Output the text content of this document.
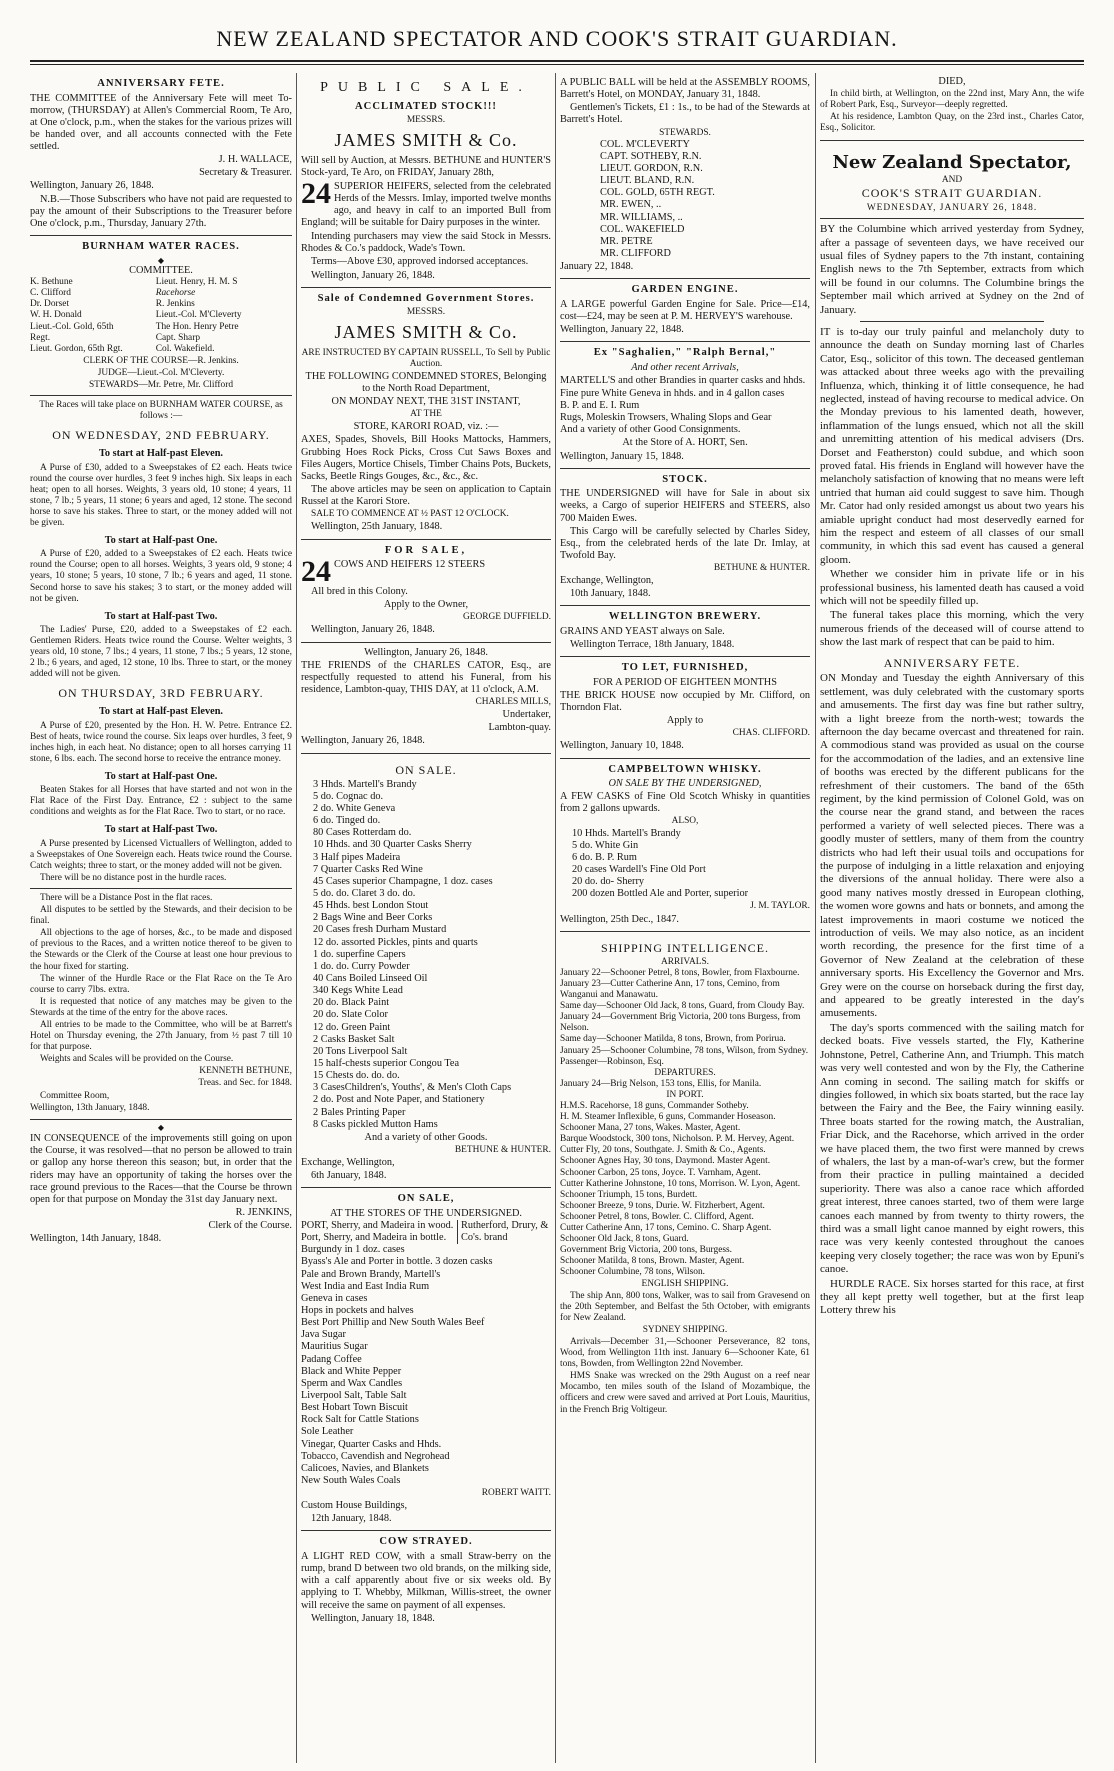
NEW ZEALAND SPECTATOR AND COOK'S STRAIT GUARDIAN.
ANNIVERSARY FETE.

THE COMMITTEE of the Anniversary Fete will meet To-morrow, (THURSDAY) at Allen's Commercial Room, Te Aro, at One o'clock, p.m., when the stakes for the various prizes will be handed over, and all accounts connected with the Fete settled.

J. H. WALLACE,

Secretary & Treasurer.

Wellington, January 26, 1848.

N.B.—Those Subscribers who have not paid are requested to pay the amount of their Subscriptions to the Treasurer before One o'clock, p.m., Thursday, January 27th.

BURNHAM WATER RACES.
◆
COMMITTEE.
K. Bethune	Lieut. Henry, H. M. S
C. Clifford	Racehorse
Dr. Dorset	R. Jenkins
W. H. Donald	Lieut.-Col. M'Cleverty
Lieut.-Col. Gold, 65th	The Hon. Henry Petre
Regt.	Capt. Sharp
Lieut. Gordon, 65th Rgt.	Col. Wakefield.

CLERK OF THE COURSE—R. Jenkins.

JUDGE—Lieut.-Col. M'Cleverty.

STEWARDS—Mr. Petre, Mr. Clifford

The Races will take place on BURNHAM WATER COURSE, as follows :—

ON WEDNESDAY, 2ND FEBRUARY.
To start at Half-past Eleven.

A Purse of £30, added to a Sweepstakes of £2 each. Heats twice round the course over hurdles, 3 feet 9 inches high. Six leaps in each heat; open to all horses. Weights, 3 years old, 10 stone; 4 years, 11 stone, 7 lb.; 5 years, 11 stone; 6 years and aged, 12 stone. The second horse to save his stakes. Three to start, or the money added will not be given.

To start at Half-past One.

A Purse of £20, added to a Sweepstakes of £2 each. Heats twice round the Course; open to all horses. Weights, 3 years old, 9 stone; 4 years, 10 stone; 5 years, 10 stone, 7 lb.; 6 years and aged, 11 stone. Second horse to save his stakes; 3 to start, or the money added will not be given.

To start at Half-past Two.

The Ladies' Purse, £20, added to a Sweepstakes of £2 each. Gentlemen Riders. Heats twice round the Course. Welter weights, 3 years old, 10 stone, 7 lbs.; 4 years, 11 stone, 7 lbs.; 5 years, 12 stone, 2 lb.; 6 years, and aged, 12 stone, 10 lbs. Three to start, or the money added will not be given.

ON THURSDAY, 3RD FEBRUARY.
To start at Half-past Eleven.

A Purse of £20, presented by the Hon. H. W. Petre. Entrance £2. Best of heats, twice round the course. Six leaps over hurdles, 3 feet, 9 inches high, in each heat. No distance; open to all horses carrying 11 stone, 6 lbs. each. The second horse to receive the entrance money.

To start at Half-past One.

Beaten Stakes for all Horses that have started and not won in the Flat Race of the First Day. Entrance, £2 : subject to the same conditions and weights as for the Flat Race. Two to start, or no race.

To start at Half-past Two.

A Purse presented by Licensed Victuallers of Wellington, added to a Sweepstakes of One Sovereign each. Heats twice round the Course. Catch weights; three to start, or the money added will not be given.

There will be no distance post in the hurdle races.

There will be a Distance Post in the flat races.

All disputes to be settled by the Stewards, and their decision to be final.

All objections to the age of horses, &c., to be made and disposed of previous to the Races, and a written notice thereof to be given to the Stewards or the Clerk of the Course at least one hour previous to the hour fixed for starting.

The winner of the Hurdle Race or the Flat Race on the Te Aro course to carry 7lbs. extra.

It is requested that notice of any matches may be given to the Stewards at the time of the entry for the above races.

All entries to be made to the Committee, who will be at Barrett's Hotel on Thursday evening, the 27th January, from ½ past 7 till 10 for that purpose.

Weights and Scales will be provided on the Course.

KENNETH BETHUNE,

Treas. and Sec. for 1848.

Committee Room,

Wellington, 13th January, 1848.

◆

IN CONSEQUENCE of the improvements still going on upon the Course, it was resolved—that no person be allowed to train or gallop any horse thereon this season; but, in order that the riders may have an opportunity of taking the horses over the race ground previous to the Races—that the Course be thrown open for that purpose on Monday the 31st day January next.

R. JENKINS,

Clerk of the Course.

Wellington, 14th January, 1848.

PUBLIC SALE.
ACCLIMATED STOCK!!!
MESSRS.
JAMES SMITH & Co.

Will sell by Auction, at Messrs. BETHUNE and HUNTER'S Stock-yard, Te Aro, on FRIDAY, January 28th,

24 SUPERIOR HEIFERS, selected from the celebrated Herds of the Messrs. Imlay, imported twelve months ago, and heavy in calf to an imported Bull from England; will be suitable for Dairy purposes in the winter.

Intending purchasers may view the said Stock in Messrs. Rhodes & Co.'s paddock, Wade's Town.

Terms—Above £30, approved indorsed acceptances.

Wellington, January 26, 1848.

Sale of Condemned Government Stores.
MESSRS.
JAMES SMITH & Co.

ARE INSTRUCTED BY CAPTAIN RUSSELL, To Sell by Public Auction.

THE FOLLOWING CONDEMNED STORES, Belonging to the North Road Department,

ON MONDAY NEXT, THE 31ST INSTANT,

AT THE

STORE, KARORI ROAD, viz. :—

AXES, Spades, Shovels, Bill Hooks Mattocks, Hammers, Grubbing Hoes Rock Picks, Cross Cut Saws Boxes and Files Augers, Mortice Chisels, Timber Chains Pots, Buckets, Sacks, Beetle Rings Gouges, &c., &c., &c.

The above articles may be seen on application to Captain Russel at the Karori Store.

SALE TO COMMENCE AT ½ PAST 12 O'CLOCK.

Wellington, 25th January, 1848.

FOR SALE,

24 COWS AND HEIFERS 12 STEERS

All bred in this Colony.

Apply to the Owner,

GEORGE DUFFIELD.

Wellington, January 26, 1848.

Wellington, January 26, 1848.

THE FRIENDS of the CHARLES CATOR, Esq., are respectfully requested to attend his Funeral, from his residence, Lambton-quay, THIS DAY, at 11 o'clock, A.M.

CHARLES MILLS,

Undertaker,

Lambton-quay.

Wellington, January 26, 1848.

ON SALE.
3 Hhds. Martell's Brandy
5 do. Cognac do.
2 do. White Geneva
6 do. Tinged do.
80 Cases Rotterdam do.
10 Hhds. and 30 Quarter Casks Sherry
3 Half pipes Madeira
7 Quarter Casks Red Wine
45 Cases superior Champagne, 1 doz. cases
5 do. do. Claret 3 do. do.
45 Hhds. best London Stout
2 Bags Wine and Beer Corks
20 Cases fresh Durham Mustard
12 do. assorted Pickles, pints and quarts
1 do. superfine Capers
1 do. do. Curry Powder
40 Cans Boiled Linseed Oil
340 Kegs White Lead
20 do. Black Paint
20 do. Slate Color
12 do. Green Paint
2 Casks Basket Salt
20 Tons Liverpool Salt
15 half-chests superior Congou Tea
15 Chests do. do. do.
3 CasesChildren's, Youths', & Men's Cloth Caps
2 do. Post and Note Paper, and Stationery
2 Bales Printing Paper
8 Casks pickled Mutton Hams

And a variety of other Goods.

BETHUNE & HUNTER.

Exchange, Wellington,

6th January, 1848.

ON SALE,
AT THE STORES OF THE UNDERSIGNED.
PORT, Sherry, and Madeira in wood.
Port, Sherry, and Madeira in bottle.
Rutherford, Drury, & Co's. brand
Burgundy in 1 doz. cases
Byass's Ale and Porter in bottle. 3 dozen casks
Pale and Brown Brandy, Martell's
West India and East India Rum
Geneva in cases
Hops in pockets and halves
Best Port Phillip and New South Wales Beef
Java Sugar
Mauritius Sugar
Padang Coffee
Black and White Pepper
Sperm and Wax Candles
Liverpool Salt, Table Salt
Best Hobart Town Biscuit
Rock Salt for Cattle Stations
Sole Leather
Vinegar, Quarter Casks and Hhds.
Tobacco, Cavendish and Negrohead
Calicoes, Navies, and Blankets
New South Wales Coals

ROBERT WAITT.

Custom House Buildings,

12th January, 1848.

COW STRAYED.

A LIGHT RED COW, with a small Straw-berry on the rump, brand D between two old brands, on the milking side, with a calf apparently about five or six weeks old. By applying to T. Whebby, Milkman, Willis-street, the owner will receive the same on payment of all expenses.

Wellington, January 18, 1848.

A PUBLIC BALL will be held at the ASSEMBLY ROOMS, Barrett's Hotel, on MONDAY, January 31, 1848.

Gentlemen's Tickets, £1 : 1s., to be had of the Stewards at Barrett's Hotel.

STEWARDS.
COL. M'CLEVERTY
CAPT. SOTHEBY, R.N.
LIEUT. GORDON, R.N.
LIEUT. BLAND, R.N.
COL. GOLD, 65TH REGT.
MR. EWEN, ..
MR. WILLIAMS, ..
COL. WAKEFIELD
MR. PETRE
MR. CLIFFORD

January 22, 1848.

GARDEN ENGINE.

A LARGE powerful Garden Engine for Sale. Price—£14, cost—£24, may be seen at P. M. HERVEY'S warehouse.

Wellington, January 22, 1848.

Ex "Saghalien," "Ralph Bernal,"
And other recent Arrivals,

MARTELL'S and other Brandies in quarter casks and hhds.

Fine pure White Geneva in hhds. and in 4 gallon cases
B. P. and E. I. Rum
Rugs, Moleskin Trowsers, Whaling Slops and Gear
And a variety of other Good Consignments.

At the Store of A. HORT, Sen.

Wellington, January 15, 1848.

STOCK.

THE UNDERSIGNED will have for Sale in about six weeks, a Cargo of superior HEIFERS and STEERS, also 700 Maiden Ewes.

This Cargo will be carefully selected by Charles Sidey, Esq., from the celebrated herds of the late Dr. Imlay, at Twofold Bay.

BETHUNE & HUNTER.

Exchange, Wellington,

10th January, 1848.

WELLINGTON BREWERY.

GRAINS AND YEAST always on Sale.

Wellington Terrace, 18th January, 1848.

TO LET, FURNISHED,
FOR A PERIOD OF EIGHTEEN MONTHS

THE BRICK HOUSE now occupied by Mr. Clifford, on Thorndon Flat.

Apply to

CHAS. CLIFFORD.

Wellington, January 10, 1848.

CAMPBELTOWN WHISKY.
ON SALE BY THE UNDERSIGNED,

A FEW CASKS of Fine Old Scotch Whisky in quantities from 2 gallons upwards.

ALSO,
10 Hhds. Martell's Brandy
5 do. White Gin
6 do. B. P. Rum
20 cases Wardell's Fine Old Port
20 do. do- Sherry
200 dozen Bottled Ale and Porter, superior

J. M. TAYLOR.

Wellington, 25th Dec., 1847.

SHIPPING INTELLIGENCE.
ARRIVALS.
January 22—Schooner Petrel, 8 tons, Bowler, from Flaxbourne.
January 23—Cutter Catherine Ann, 17 tons, Cemino, from Wanganui and Manawatu.
Same day—Schooner Old Jack, 8 tons, Guard, from Cloudy Bay.
January 24—Government Brig Victoria, 200 tons Burgess, from Nelson.
Same day—Schooner Matilda, 8 tons, Brown, from Porirua.
January 25—Schooner Columbine, 78 tons, Wilson, from Sydney. Passenger—Robinson, Esq.
DEPARTURES.
January 24—Brig Nelson, 153 tons, Ellis, for Manila.
IN PORT.
H.M.S. Racehorse, 18 guns, Commander Sotheby.
H. M. Steamer Inflexible, 6 guns, Commander Hoseason.
Schooner Mana, 27 tons, Wakes. Master, Agent.
Barque Woodstock, 300 tons, Nicholson. P. M. Hervey, Agent.
Cutter Fly, 20 tons, Southgate. J. Smith & Co., Agents.
Schooner Agnes Hay, 30 tons, Daymond. Master Agent.
Schooner Carbon, 25 tons, Joyce. T. Varnham, Agent.
Cutter Katherine Johnstone, 10 tons, Morrison. W. Lyon, Agent.
Schooner Triumph, 15 tons, Burdett.
Schooner Breeze, 9 tons, Durie. W. Fitzherbert, Agent.
Schooner Petrel, 8 tons, Bowler. C. Clifford, Agent.
Cutter Catherine Ann, 17 tons, Cemino. C. Sharp Agent.
Schooner Old Jack, 8 tons, Guard.
Government Brig Victoria, 200 tons, Burgess.
Schooner Matilda, 8 tons, Brown. Master, Agent.
Schooner Columbine, 78 tons, Wilson.
ENGLISH SHIPPING.

The ship Ann, 800 tons, Walker, was to sail from Gravesend on the 20th September, and Belfast the 5th October, with emigrants for New Zealand.

SYDNEY SHIPPING.

Arrivals—December 31,—Schooner Perseverance, 82 tons, Wood, from Wellington 11th inst. January 6—Schooner Kate, 61 tons, Bowden, from Wellington 22nd November.

HMS Snake was wrecked on the 29th August on a reef near Mocambo, ten miles south of the Island of Mozambique, the officers and crew were saved and arrived at Port Louis, Mauritius, in the French Brig Voltigeur.

DIED,

In child birth, at Wellington, on the 22nd inst, Mary Ann, the wife of Robert Park, Esq., Surveyor—deeply regretted.

At his residence, Lambton Quay, on the 23rd inst., Charles Cator, Esq., Solicitor.

New Zealand Spectator,
AND
COOK'S STRAIT GUARDIAN.
WEDNESDAY, JANUARY 26, 1848.

BY the Columbine which arrived yesterday from Sydney, after a passage of seventeen days, we have received our usual files of Sydney papers to the 7th instant, containing English news to the 7th September, extracts from which will be found in our columns. The Columbine brings the September mail which arrived at Sydney on the 2nd of January.

IT is to-day our truly painful and melancholy duty to announce the death on Sunday morning last of Charles Cator, Esq., solicitor of this town. The deceased gentleman was attacked about three weeks ago with the prevailing Influenza, which, thinking it of little consequence, he had neglected, instead of having recourse to medical advice. On the Monday previous to his lamented death, however, inflammation of the lungs ensued, which not all the skill and unremitting attention of his medical advisers (Drs. Dorset and Featherston) could subdue, and which soon proved fatal. His friends in England will however have the melancholy satisfaction of knowing that no means were left untried that human aid could suggest to save him. Though Mr. Cator had only resided amongst us about two years his amiable upright conduct had most deservedly earned for him the respect and esteem of all classes of our small community, in which this sad event has caused a general gloom.

Whether we consider him in private life or in his professional business, his lamented death has caused a void which will not be speedily filled up.

The funeral takes place this morning, which the very numerous friends of the deceased will of course attend to show the last mark of respect that can be paid to him.

ANNIVERSARY FETE.

ON Monday and Tuesday the eighth Anniversary of this settlement, was duly celebrated with the customary sports and amusements. The first day was fine but rather sultry, with a light breeze from the north-west; towards the afternoon the day became overcast and threatened for rain. A commodious stand was provided as usual on the course for the accommodation of the ladies, and an extensive line of booths was erected by the different publicans for the refreshment of their customers. The band of the 65th regiment, by the kind permission of Colonel Gold, was on the course near the grand stand, and between the races performed a variety of well selected pieces. There was a goodly muster of settlers, many of them from the country districts who had left their usual toils and occupations for the purpose of indulging in a little relaxation and enjoying the diversions of the annual holiday. There were also a good many natives mostly dressed in European clothing, the women wore gowns and hats or bonnets, and among the latest improvements in maori costume we noticed the introduction of veils. We may also notice, as an incident worth recording, the presence for the first time of a Governor of New Zealand at the celebration of these anniversary sports. His Excellency the Governor and Mrs. Grey were on the course on horseback during the first day, and appeared to be greatly interested in the day's amusements.

The day's sports commenced with the sailing match for decked boats. Five vessels started, the Fly, Katherine Johnstone, Petrel, Catherine Ann, and Triumph. This match was very well contested and won by the Fly, the Catherine Ann coming in second. The sailing match for skiffs or dingies followed, in which six boats started, but the race lay between the Fairy and the Bee, the Fairy winning easily. Three boats started for the rowing match, the Australian, Friar Dick, and the Racehorse, which arrived in the order we have placed them, the two first were manned by crews of whalers, the last by a man-of-war's crew, but the former from their practice in pulling maintained a decided superiority. There was also a canoe race which afforded great interest, three canoes started, two of them were large canoes each manned by from twenty to thirty rowers, the third was a small light canoe manned by eight rowers, this race was very keenly contested throughout the canoes keeping very closely together; the race was won by Epuni's canoe.

HURDLE RACE. Six horses started for this race, at first they all kept pretty well together, but at the first leap Lottery threw his
